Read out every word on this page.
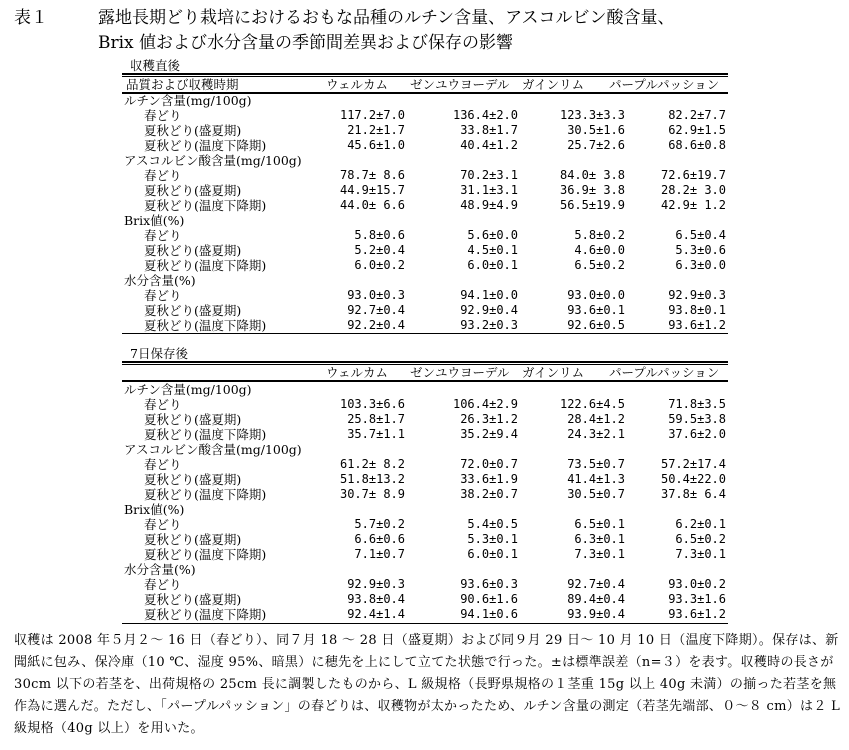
表１	露地長期どり栽培におけるおもな品種のルチン含量、アスコルビン酸含量、
Brix 値および水分含量の季節間差異および保存の影響
収穫直後
品質および収穫時期	ウェルカム ゼンユウヨーデル ガインリム パープルパッション
ルチン含量(mg/100g)
春どり	117.2±7.0	136.4±2.0	123.3±3.3	82.2±7.7
夏秋どり(盛夏期)	21.2±1.7	33.8±1.7	30.5±1.6	62.9±1.5
夏秋どり(温度下降期)	45.6±1.0	40.4±1.2	25.7±2.6	68.6±0.8
アスコルビン酸含量(mg/100g)
春どり	78.7± 8.6	70.2±3.1	84.0± 3.8	72.6±19.7
夏秋どり(盛夏期)	44.9±15.7	31.1±3.1	36.9± 3.8	28.2± 3.0
夏秋どり(温度下降期)	44.0± 6.6	48.9±4.9	56.5±19.9	42.9± 1.2
Brix値(%)
春どり	5.8±0.6	5.6±0.0	5.8±0.2	6.5±0.4
夏秋どり(盛夏期)	5.2±0.4	4.5±0.1	4.6±0.0	5.3±0.6
夏秋どり(温度下降期)	6.0±0.2	6.0±0.1	6.5±0.2	6.3±0.0
水分含量(%)
春どり	93.0±0.3	94.1±0.0	93.0±0.0	92.9±0.3
夏秋どり(盛夏期)	92.7±0.4	92.9±0.4	93.6±0.1	93.8±0.1
夏秋どり(温度下降期)	92.2±0.4	93.2±0.3	92.6±0.5	93.6±1.2
7日保存後
ウェルカム ゼンユウヨーデル ガインリム パープルパッション
ルチン含量(mg/100g)
春どり	103.3±6.6	106.4±2.9	122.6±4.5	71.8±3.5
夏秋どり(盛夏期)	25.8±1.7	26.3±1.2	28.4±1.2	59.5±3.8
夏秋どり(温度下降期)	35.7±1.1	35.2±9.4	24.3±2.1	37.6±2.0
アスコルビン酸含量(mg/100g)
春どり	61.2± 8.2	72.0±0.7	73.5±0.7	57.2±17.4
夏秋どり(盛夏期)	51.8±13.2	33.6±1.9	41.4±1.3	50.4±22.0
夏秋どり(温度下降期)	30.7± 8.9	38.2±0.7	30.5±0.7	37.8± 6.4
Brix値(%)
春どり	5.7±0.2	5.4±0.5	6.5±0.1	6.2±0.1
夏秋どり(盛夏期)	6.6±0.6	5.3±0.1	6.3±0.1	6.5±0.2
夏秋どり(温度下降期)	7.1±0.7	6.0±0.1	7.3±0.1	7.3±0.1
水分含量(%)
春どり	92.9±0.3	93.6±0.3	92.7±0.4	93.0±0.2
夏秋どり(盛夏期)	93.8±0.4	90.6±1.6	89.4±0.4	93.3±1.6
夏秋どり(温度下降期)	92.4±1.4	94.1±0.6	93.9±0.4	93.6±1.2
収穫は 2008 年５月２～ 16 日（春どり）、同７月 18 ～ 28 日（盛夏期）および同９月 29 日～ 10 月 10 日（温度下降期）。保存は、新聞紙に包み、保冷庫（10 ℃、湿度 95%、暗黒）に穂先を上にして立てた状態で行った。±は標準誤差（n=３）を表す。収穫時の長さが 30cm 以下の若茎を、出荷規格の 25cm 長に調製したものから、L 級規格（長野県規格の１茎重 15g 以上 40g 未満）の揃った若茎を無作為に選んだ。ただし、「パープルパッション」の春どりは、収穫物が太かったため、ルチン含量の測定（若茎先端部、０～８ cm）は２ L 級規格（40g 以上）を用いた。
